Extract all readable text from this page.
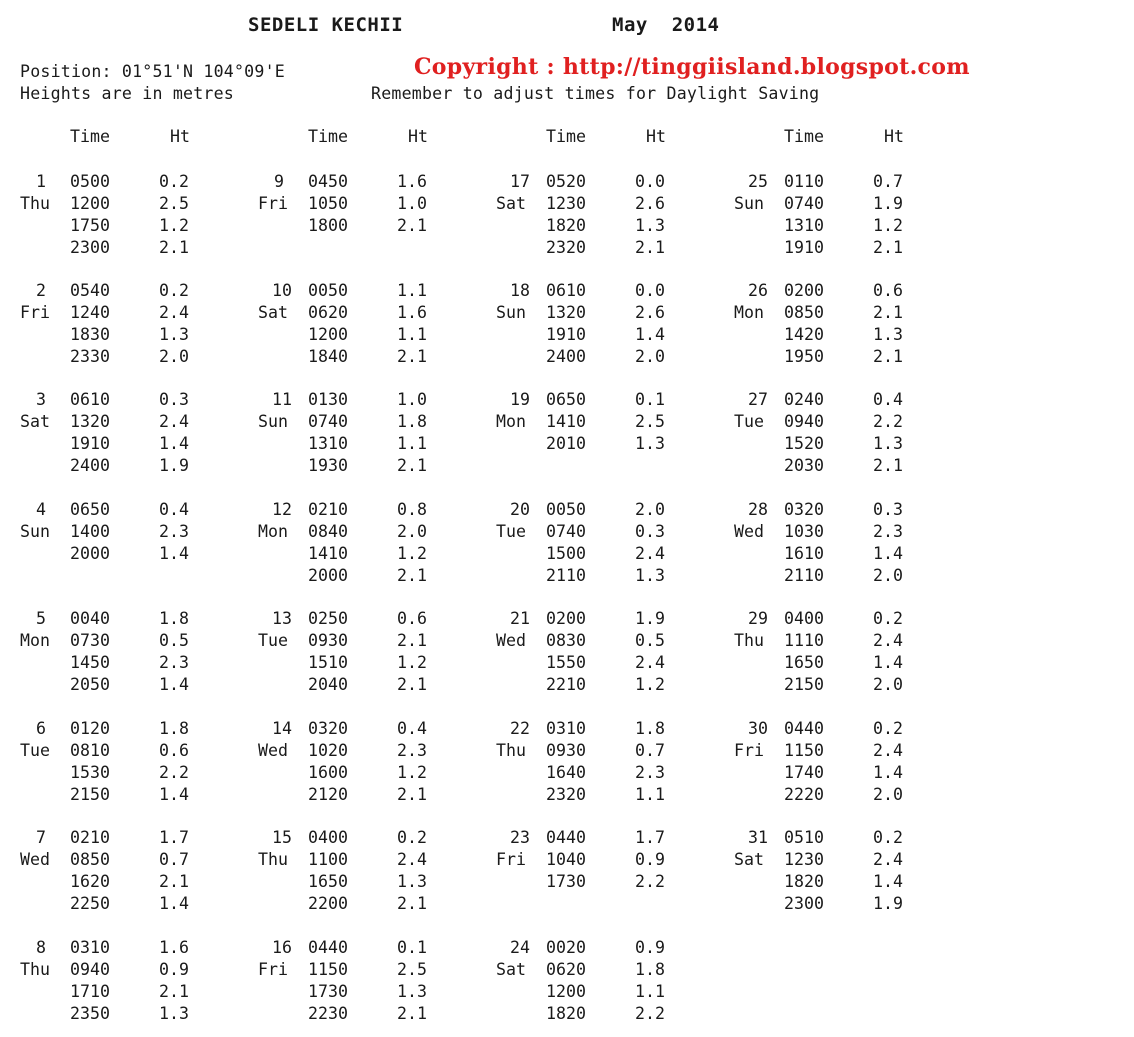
SEDELI KECHII	May  2014
Position: 01°51'N 104°09'E
Heights are in metres	Remember to adjust times for Daylight Saving
Copyright : http://tinggiisland.blogspot.com
Time	Ht	Time	Ht	Time	Ht	Time	Ht
1 0500	0.2
Thu	1200	2.5
1750	1.2
2300	2.1
2 0540	0.2
Fri	1240	2.4
1830	1.3
2330	2.0
3 0610	0.3
Sat	1320	2.4
1910	1.4
2400	1.9
4 0650	0.4
Sun	1400	2.3
2000	1.4
5 0040	1.8
Mon	0730	0.5
1450	2.3
2050	1.4
6 0120	1.8
Tue	0810	0.6
1530	2.2
2150	1.4
7 0210	1.7
Wed	0850	0.7
1620	2.1
2250	1.4
8 0310	1.6
Thu	0940	0.9
1710	2.1
2350	1.3
9 0450	1.6
Fri	1050	1.0
1800	2.1
10 0050	1.1
Sat	0620	1.6
1200	1.1
1840	2.1
11 0130	1.0
Sun	0740	1.8
1310	1.1
1930	2.1
12 0210	0.8
Mon	0840	2.0
1410	1.2
2000	2.1
13 0250	0.6
Tue	0930	2.1
1510	1.2
2040	2.1
14 0320	0.4
Wed	1020	2.3
1600	1.2
2120	2.1
15 0400	0.2
Thu	1100	2.4
1650	1.3
2200	2.1
16 0440	0.1
Fri	1150	2.5
1730	1.3
2230	2.1
17 0520	0.0
Sat	1230	2.6
1820	1.3
2320	2.1
18 0610	0.0
Sun	1320	2.6
1910	1.4
2400	2.0
19 0650	0.1
Mon	1410	2.5
2010	1.3
20 0050	2.0
Tue	0740	0.3
1500	2.4
2110	1.3
21 0200	1.9
Wed	0830	0.5
1550	2.4
2210	1.2
22 0310	1.8
Thu	0930	0.7
1640	2.3
2320	1.1
23 0440	1.7
Fri	1040	0.9
1730	2.2
24 0020	0.9
Sat	0620	1.8
1200	1.1
1820	2.2
25 0110	0.7
Sun	0740	1.9
1310	1.2
1910	2.1
26 0200	0.6
Mon	0850	2.1
1420	1.3
1950	2.1
27 0240	0.4
Tue	0940	2.2
1520	1.3
2030	2.1
28 0320	0.3
Wed	1030	2.3
1610	1.4
2110	2.0
29 0400	0.2
Thu	1110	2.4
1650	1.4
2150	2.0
30 0440	0.2
Fri	1150	2.4
1740	1.4
2220	2.0
31 0510	0.2
Sat	1230	2.4
1820	1.4
2300	1.9
